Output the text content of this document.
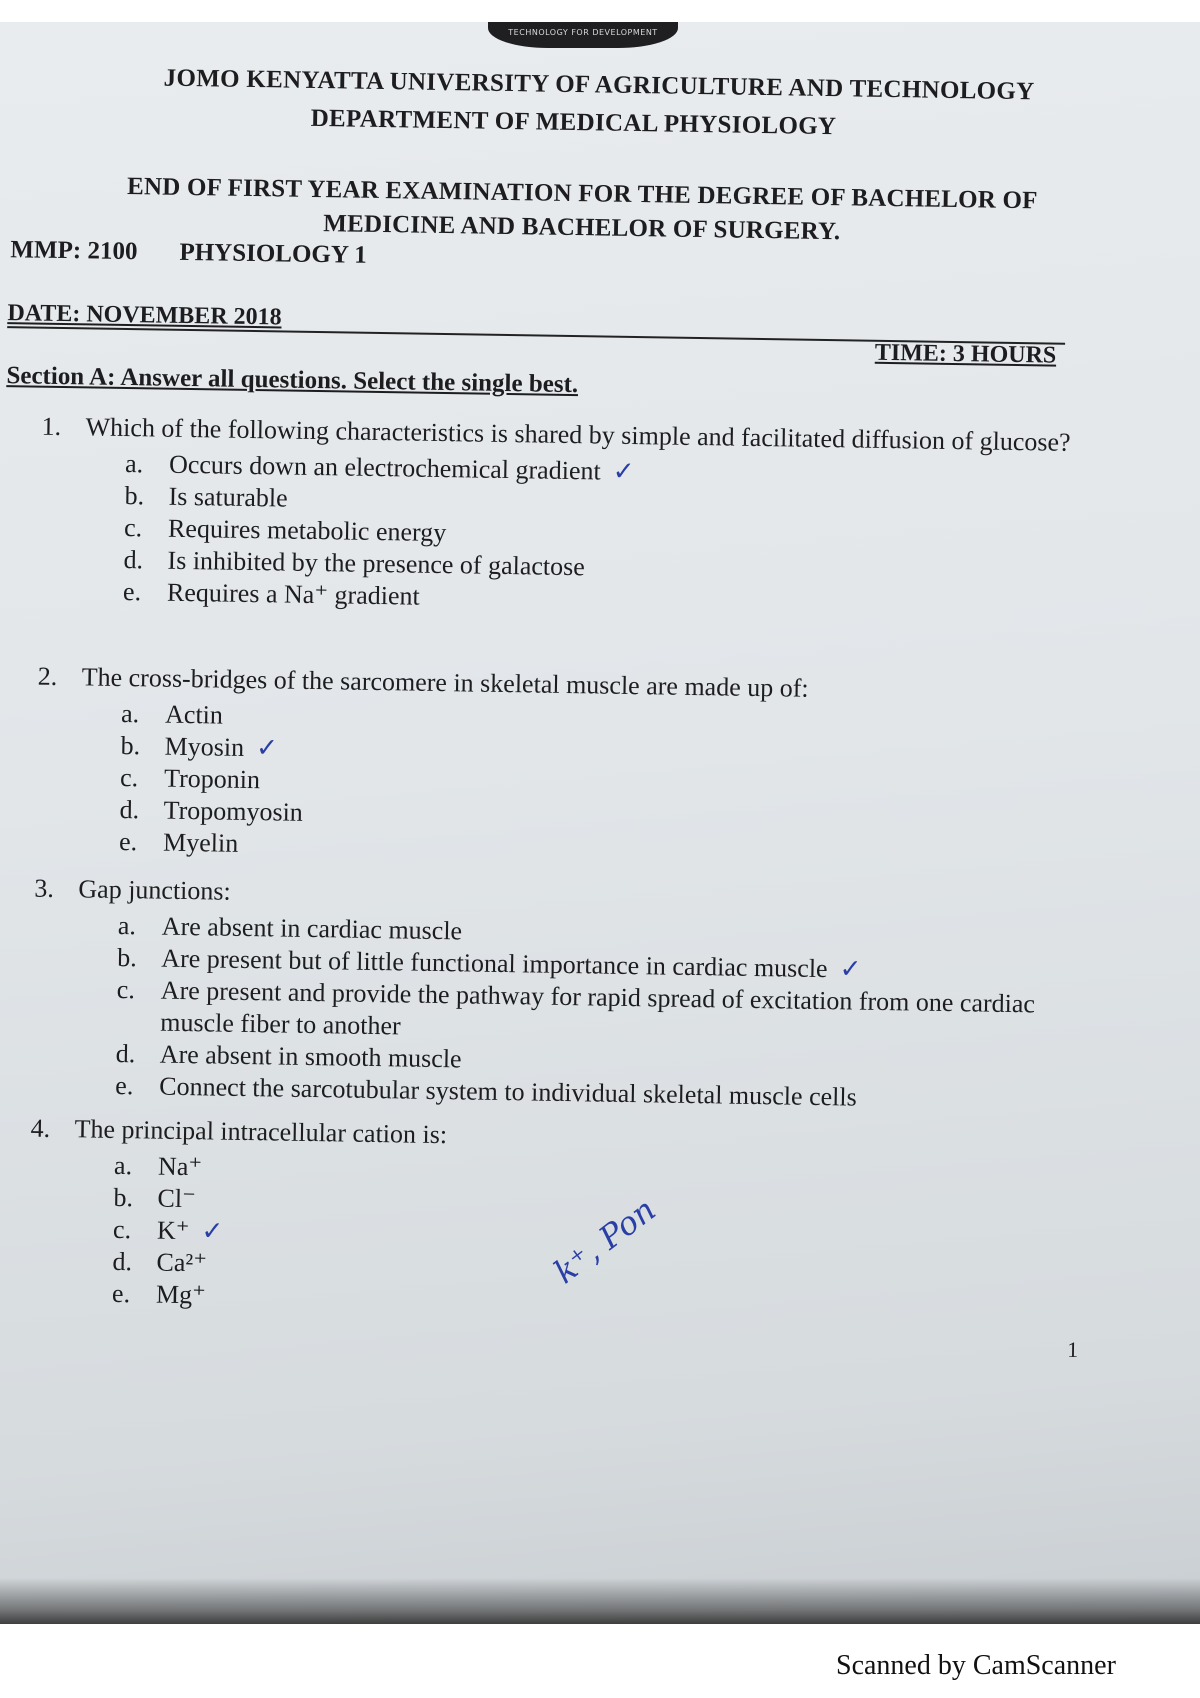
TECHNOLOGY FOR DEVELOPMENT
JOMO KENYATTA UNIVERSITY OF AGRICULTURE AND TECHNOLOGY
DEPARTMENT OF MEDICAL PHYSIOLOGY
END OF FIRST YEAR EXAMINATION FOR THE DEGREE OF BACHELOR OF
MEDICINE AND BACHELOR OF SURGERY.
MMP: 2100 PHYSIOLOGY 1
DATE: NOVEMBER 2018
TIME: 3 HOURS
Section A: Answer all questions. Select the single best.
1. Which of the following characteristics is shared by simple and facilitated diffusion of glucose?
a. Occurs down an electrochemical gradient ✓
b. Is saturable
c. Requires metabolic energy
d. Is inhibited by the presence of galactose
e. Requires a Na⁺ gradient
2. The cross-bridges of the sarcomere in skeletal muscle are made up of:
a. Actin
b. Myosin ✓
c. Troponin
d. Tropomyosin
e. Myelin
3. Gap junctions:
a. Are absent in cardiac muscle
b. Are present but of little functional importance in cardiac muscle ✓
c. Are present and provide the pathway for rapid spread of excitation from one cardiac muscle fiber to another
d. Are absent in smooth muscle
e. Connect the sarcotubular system to individual skeletal muscle cells
4. The principal intracellular cation is:
a. Na⁺
b. Cl⁻
c. K⁺ ✓
d. Ca²⁺
e. Mg⁺
k⁺, Pon
1
Scanned by CamScanner
